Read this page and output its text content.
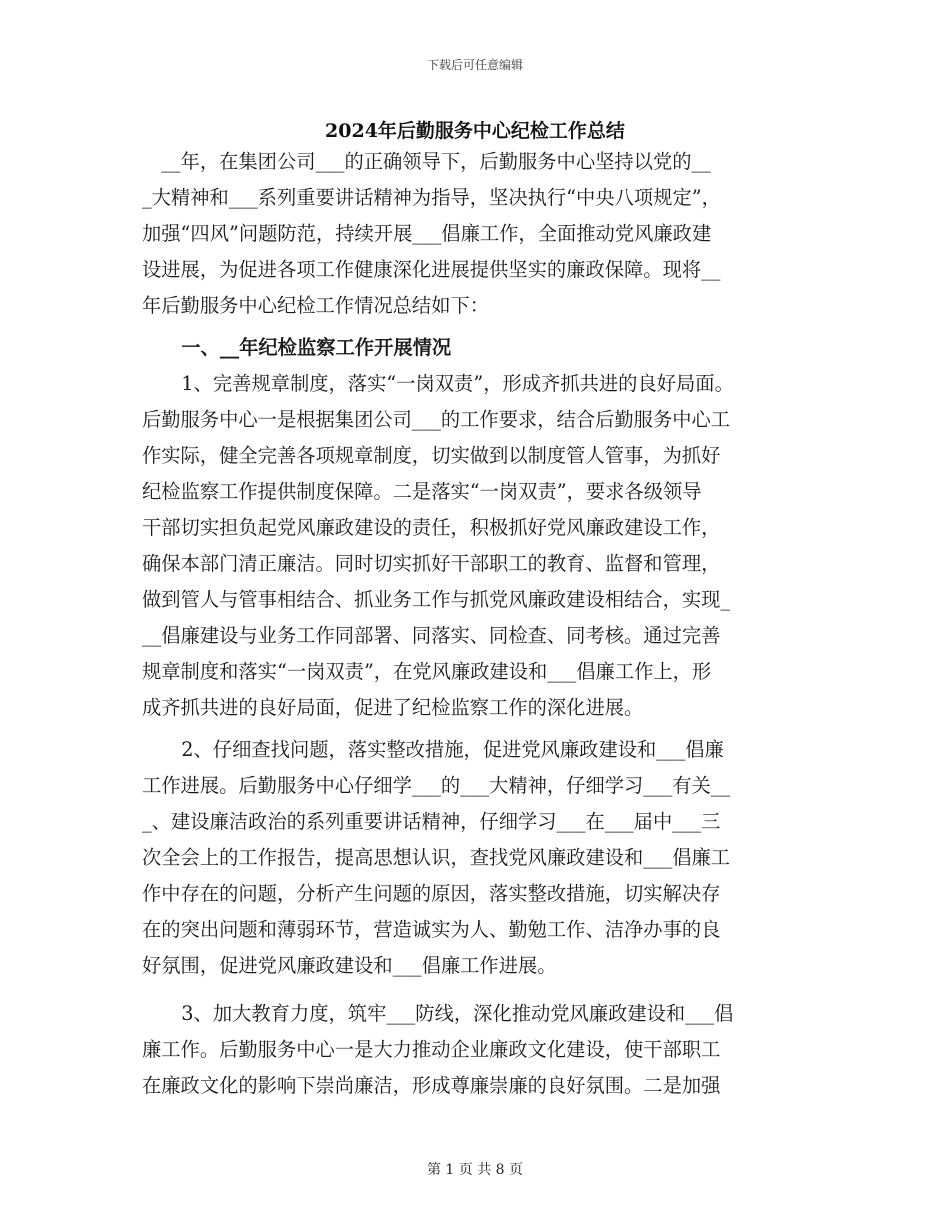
下载后可任意编辑
2024年后勤服务中心纪检工作总结
　__年，在集团公司___的正确领导下，后勤服务中心坚持以党的__
_大精神和___系列重要讲话精神为指导，坚决执行“中央八项规定”，
加强“四风”问题防范，持续开展___倡廉工作，全面推动党风廉政建
设进展，为促进各项工作健康深化进展提供坚实的廉政保障。现将__
年后勤服务中心纪检工作情况总结如下：
　一、__年纪检监察工作开展情况
　1、完善规章制度，落实“一岗双责”，形成齐抓共进的良好局面。
后勤服务中心一是根据集团公司___的工作要求，结合后勤服务中心工
作实际，健全完善各项规章制度，切实做到以制度管人管事，为抓好
纪检监察工作提供制度保障。二是落实“一岗双责”，要求各级领导
干部切实担负起党风廉政建设的责任，积极抓好党风廉政建设工作，
确保本部门清正廉洁。同时切实抓好干部职工的教育、监督和管理，
做到管人与管事相结合、抓业务工作与抓党风廉政建设相结合，实现_
__倡廉建设与业务工作同部署、同落实、同检查、同考核。通过完善
规章制度和落实“一岗双责”，在党风廉政建设和___倡廉工作上，形
成齐抓共进的良好局面，促进了纪检监察工作的深化进展。
　2、仔细查找问题，落实整改措施，促进党风廉政建设和___倡廉
工作进展。后勤服务中心仔细学___的___大精神，仔细学习___有关__
_、建设廉洁政治的系列重要讲话精神，仔细学习___在___届中___三
次全会上的工作报告，提高思想认识，查找党风廉政建设和___倡廉工
作中存在的问题，分析产生问题的原因，落实整改措施，切实解决存
在的突出问题和薄弱环节，营造诚实为人、勤勉工作、洁净办事的良
好氛围，促进党风廉政建设和___倡廉工作进展。
　3、加大教育力度，筑牢___防线，深化推动党风廉政建设和___倡
廉工作。后勤服务中心一是大力推动企业廉政文化建设，使干部职工
在廉政文化的影响下崇尚廉洁，形成尊廉崇廉的良好氛围。二是加强
第 1 页 共 8 页
